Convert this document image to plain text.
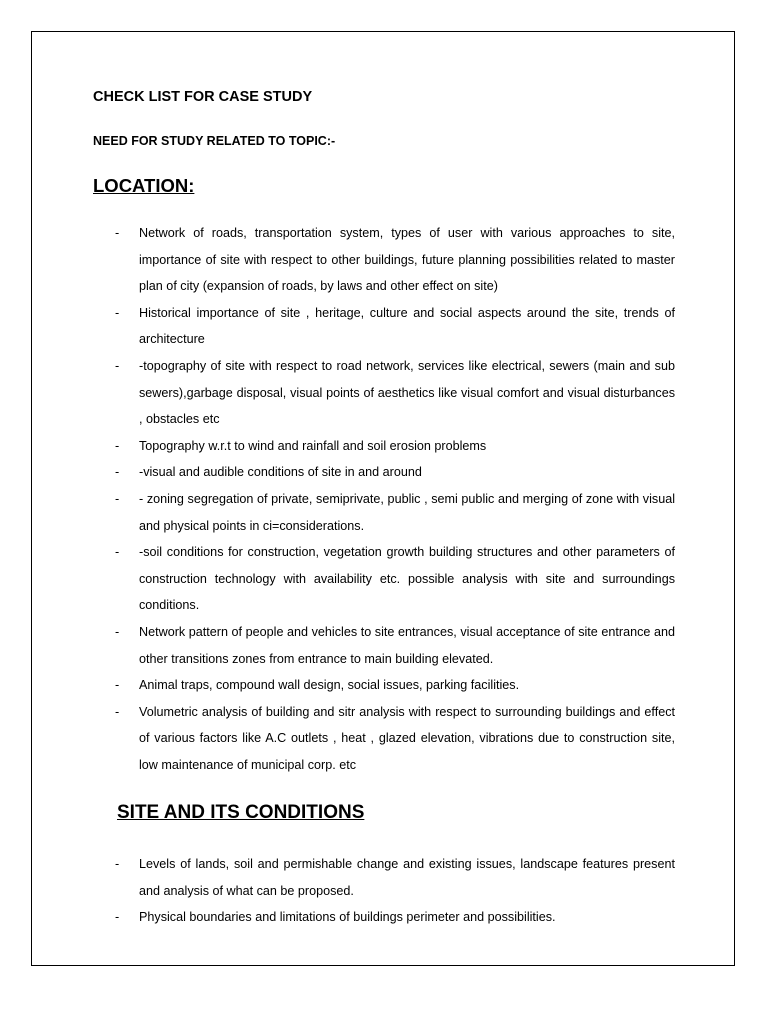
CHECK LIST FOR CASE STUDY
NEED FOR STUDY RELATED TO TOPIC:-
LOCATION:
- Network of roads, transportation system, types of user with various approaches to site, importance of site with respect to other buildings, future planning possibilities related to master plan of city (expansion of roads, by laws and other effect on site)
- Historical importance of site , heritage, culture and social aspects around the site, trends of architecture
- -topography of site with respect to road network, services like electrical, sewers (main and sub sewers),garbage disposal, visual points of aesthetics like visual comfort and visual disturbances , obstacles etc
- Topography w.r.t to wind and rainfall and soil erosion problems
- -visual and audible conditions of site in and around
- - zoning segregation of private, semiprivate, public , semi public and merging of zone with visual and physical points in ci=considerations.
- -soil conditions for construction, vegetation growth building structures and other parameters of construction technology with availability etc. possible analysis with site and surroundings conditions.
- Network pattern of people and vehicles to site entrances, visual acceptance of site entrance and other transitions zones from entrance to main building elevated.
- Animal traps, compound wall design, social issues, parking facilities.
- Volumetric analysis of building and sitr analysis with respect to surrounding buildings and effect of various factors like A.C outlets , heat , glazed elevation, vibrations due to construction site, low maintenance of municipal corp. etc
SITE AND ITS CONDITIONS
- Levels of lands, soil and permishable change and existing issues, landscape features present and analysis of what can be proposed.
- Physical boundaries and limitations of buildings perimeter and possibilities.
